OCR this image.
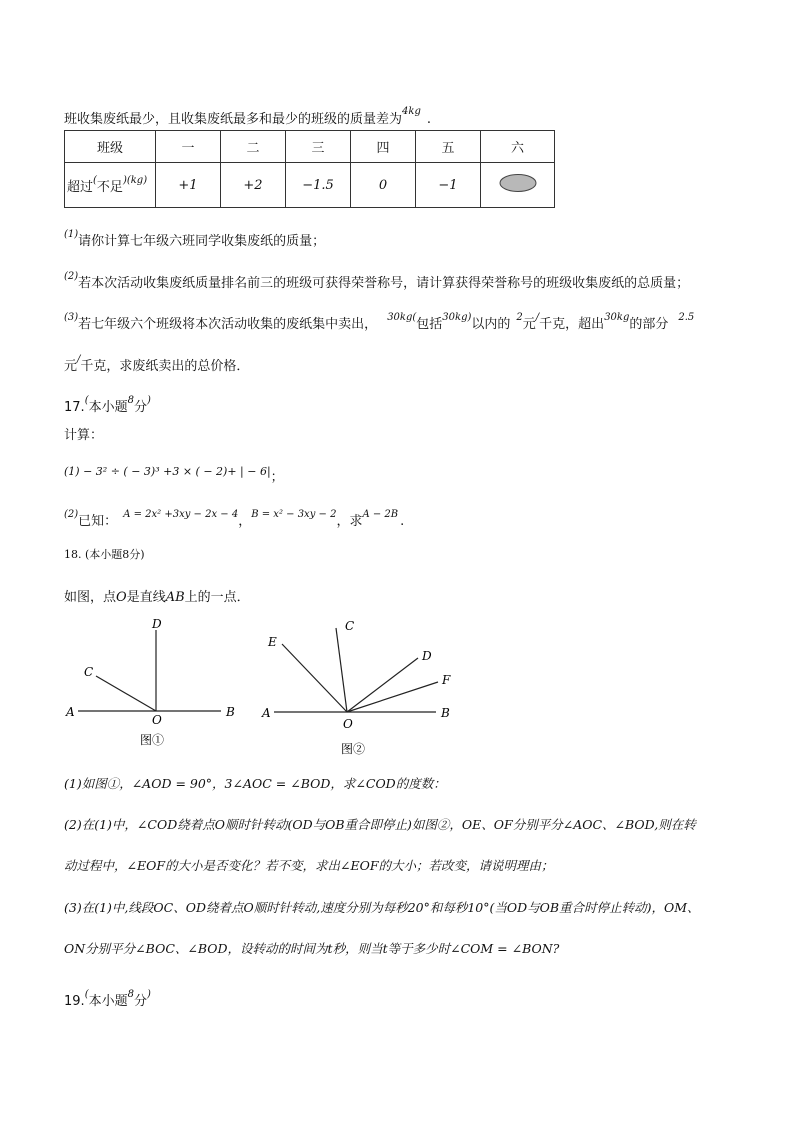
班收集废纸最少，且收集废纸最多和最少的班级的质量差为$^{4kg}$.
班级	一	二	三	四	五	六
超过(不足$^{)(kg)}$	+1	+2	−1.5	0	−1	
$^{(1)}$请你计算七年级六班同学收集废纸的质量；
$^{(2)}$若本次活动收集废纸质量排名前三的班级可获得荣誉称号，请计算获得荣誉称号的班级收集废纸的总质量；
$^{(3)}$若七年级六个班级将本次活动收集的废纸集中卖出， $^{30kg(}$包括$^{30kg)}$以内的 $^2$元/千克，超出$^{30kg}$的部分 $^{2.5}$
元/千克，求废纸卖出的总价格．
17.(本小题$^8$分)
计算：
(1) − 3² ÷ ( − 3)³ +3 × ( − 2)+ | − 6|；
$^{(2)}$已知： $^{A = 2x^2 +3xy - 2x - 4}$，$^{B = x^2 - 3xy - 2}$，求$^{A - 2B}$ .
18. (本小题8分)
如图，点O是直线AB上的一点．
A	B
C
D
O
图①
A	B
C
E
D
F
O
图②
(1)如图①，∠AOD = 90°，3∠AOC = ∠BOD，求∠COD的度数：
(2)在(1)中，∠COD绕着点O顺时针转动(OD与OB重合即停止)如图②，OE、OF分别平分∠AOC、∠BOD,则在转
动过程中，∠EOF的大小是否变化？若不变，求出∠EOF的大小；若改变，请说明理由；
(3)在(1)中,线段OC、OD绕着点O顺时针转动,速度分别为每秒20°和每秒10°(当OD与OB重合时停止转动)，OM、
ON分别平分∠BOC、∠BOD，设转动的时间为t秒，则当t等于多少时∠COM = ∠BON?
19.(本小题$^8$分)
